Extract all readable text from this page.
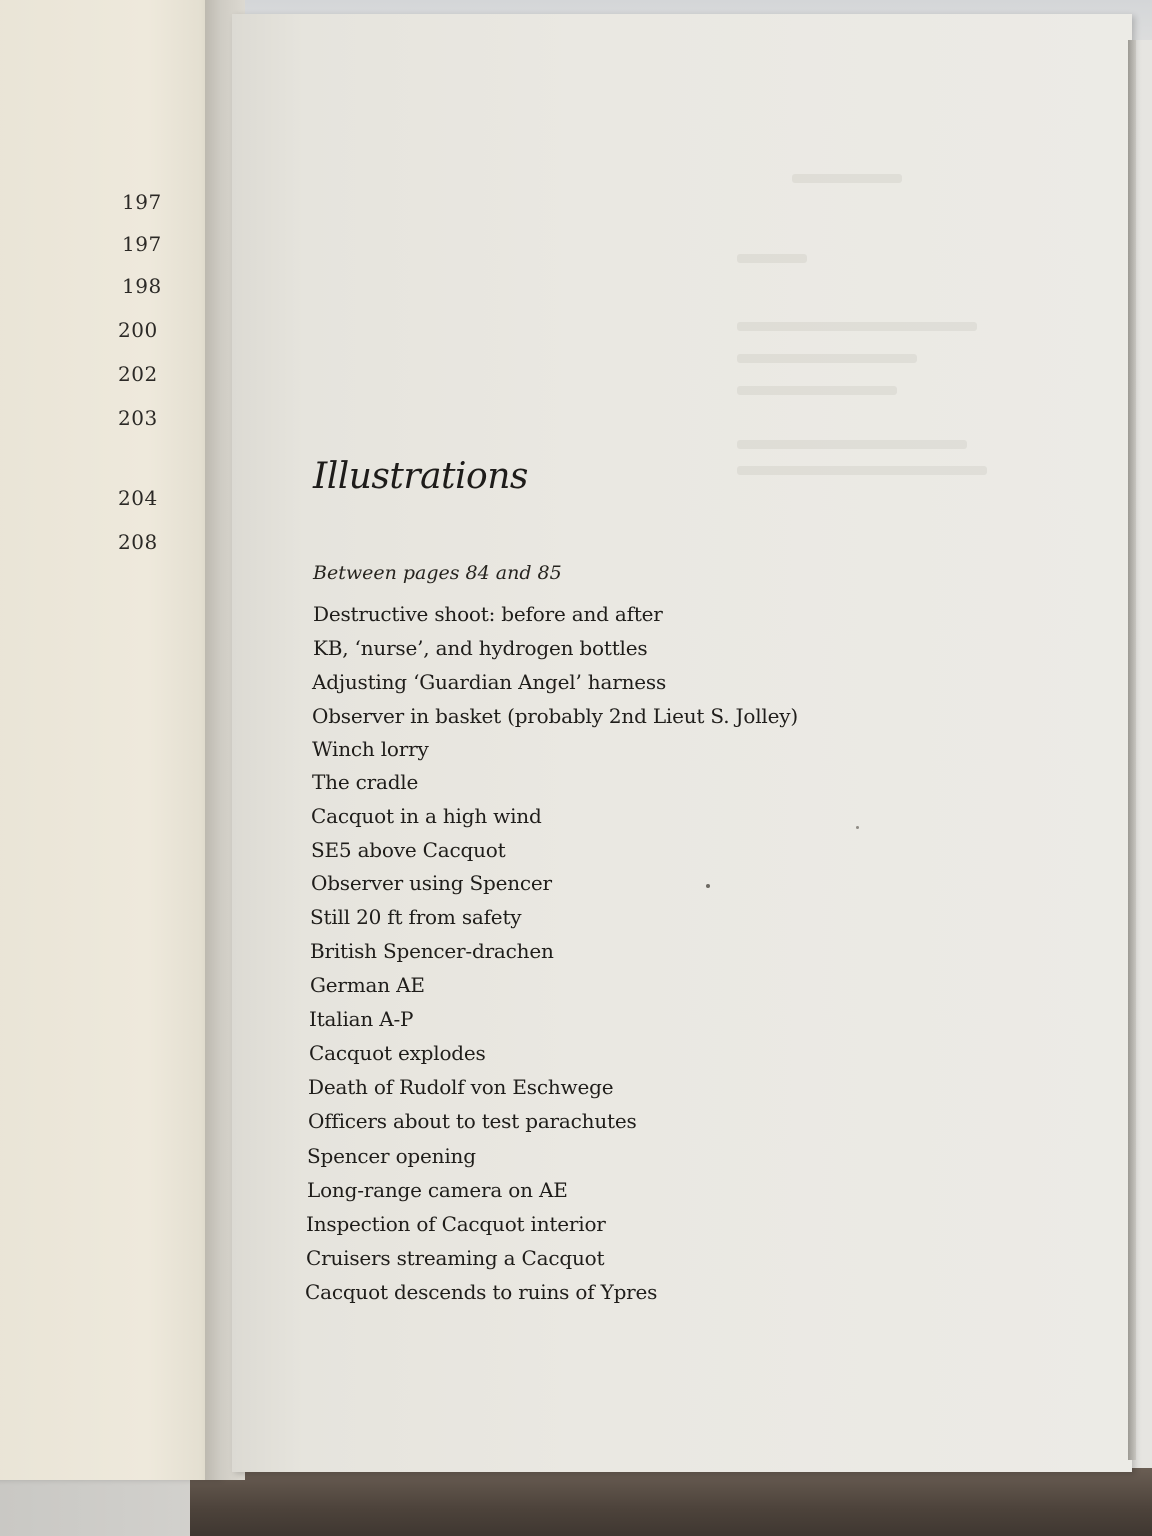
197
197
198
200
202
203
204
208
Illustrations

Between pages 84 and 85

Destructive shoot: before and after
KB, ‘nurse’, and hydrogen bottles
Adjusting ‘Guardian Angel’ harness
Observer in basket (probably 2nd Lieut S. Jolley)
Winch lorry
The cradle
Cacquot in a high wind
SE5 above Cacquot
Observer using Spencer
Still 20 ft from safety
British Spencer-drachen
German AE
Italian A-P
Cacquot explodes
Death of Rudolf von Eschwege
Officers about to test parachutes
Spencer opening
Long-range camera on AE
Inspection of Cacquot interior
Cruisers streaming a Cacquot
Cacquot descends to ruins of Ypres
